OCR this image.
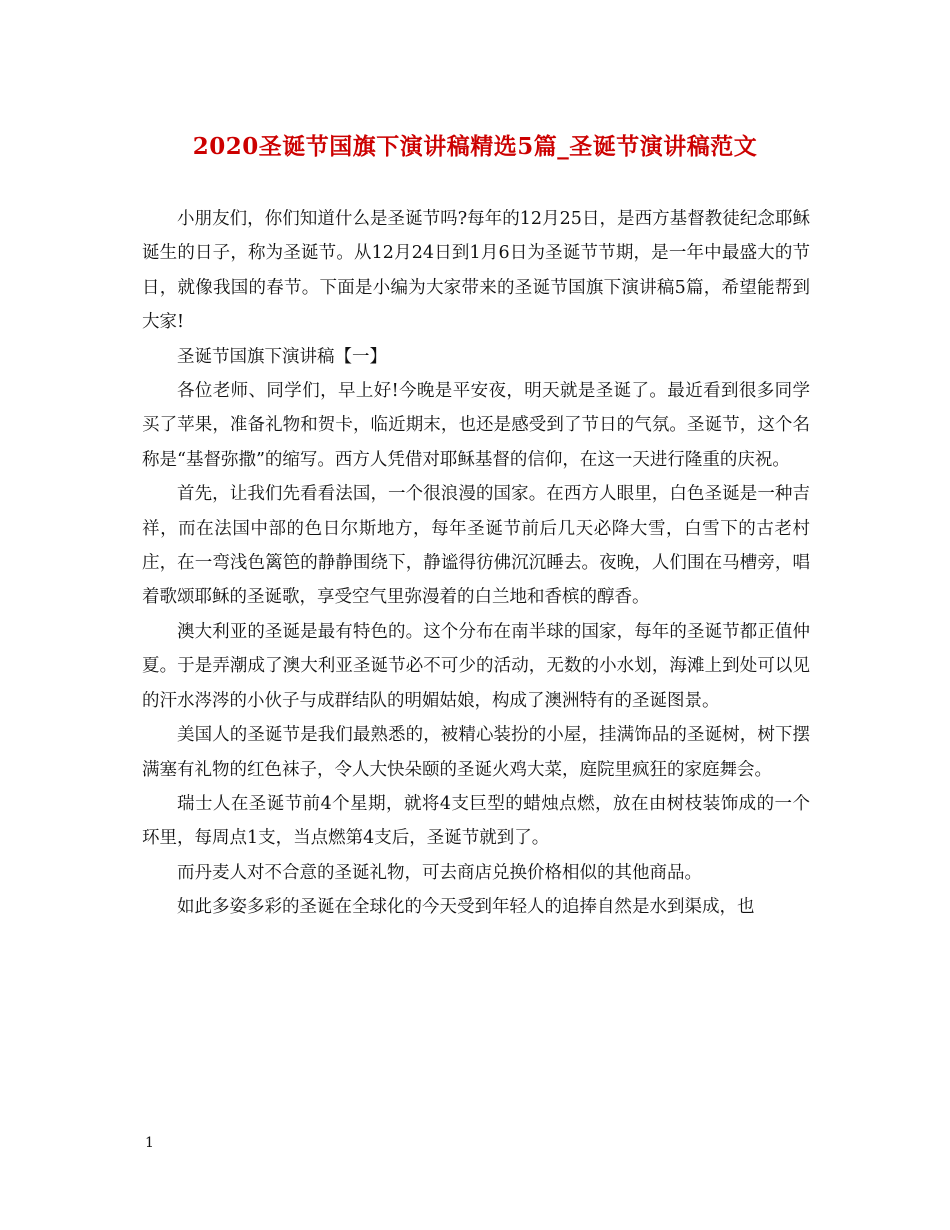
2020圣诞节国旗下演讲稿精选5篇_圣诞节演讲稿范文

小朋友们，你们知道什么是圣诞节吗?每年的12月25日，是西方基督教徒纪念耶稣诞生的日子，称为圣诞节。从12月24日到1月6日为圣诞节节期，是一年中最盛大的节日，就像我国的春节。下面是小编为大家带来的圣诞节国旗下演讲稿5篇，希望能帮到大家!

圣诞节国旗下演讲稿【一】

各位老师、同学们，早上好!今晚是平安夜，明天就是圣诞了。最近看到很多同学买了苹果，准备礼物和贺卡，临近期末，也还是感受到了节日的气氛。圣诞节，这个名称是“基督弥撒”的缩写。西方人凭借对耶稣基督的信仰，在这一天进行隆重的庆祝。

首先，让我们先看看法国，一个很浪漫的国家。在西方人眼里，白色圣诞是一种吉祥，而在法国中部的色日尔斯地方，每年圣诞节前后几天必降大雪，白雪下的古老村庄，在一弯浅色篱笆的静静围绕下，静谧得彷佛沉沉睡去。夜晚，人们围在马槽旁，唱着歌颂耶稣的圣诞歌，享受空气里弥漫着的白兰地和香槟的醇香。

澳大利亚的圣诞是最有特色的。这个分布在南半球的国家，每年的圣诞节都正值仲夏。于是弄潮成了澳大利亚圣诞节必不可少的活动，无数的小水划，海滩上到处可以见的汗水涔涔的小伙子与成群结队的明媚姑娘，构成了澳洲特有的圣诞图景。

美国人的圣诞节是我们最熟悉的，被精心装扮的小屋，挂满饰品的圣诞树，树下摆满塞有礼物的红色袜子，令人大快朵颐的圣诞火鸡大菜，庭院里疯狂的家庭舞会。

瑞士人在圣诞节前4个星期，就将4支巨型的蜡烛点燃，放在由树枝装饰成的一个环里，每周点1支，当点燃第4支后，圣诞节就到了。

而丹麦人对不合意的圣诞礼物，可去商店兑换价格相似的其他商品。

如此多姿多彩的圣诞在全球化的今天受到年轻人的追捧自然是水到渠成，也

1
